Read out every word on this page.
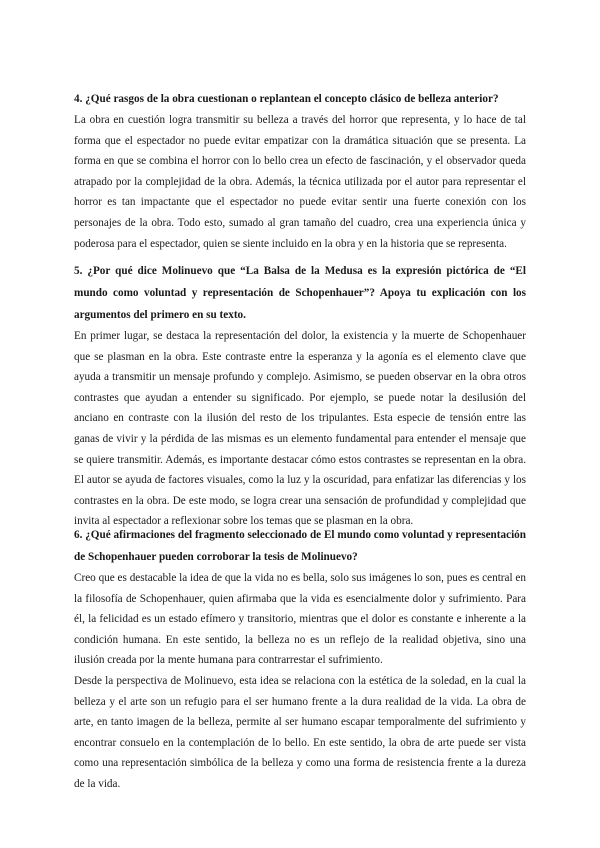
4. ¿Qué rasgos de la obra cuestionan o replantean el concepto clásico de belleza anterior?

La obra en cuestión logra transmitir su belleza a través del horror que representa, y lo hace de tal forma que el espectador no puede evitar empatizar con la dramática situación que se presenta. La forma en que se combina el horror con lo bello crea un efecto de fascinación, y el observador queda atrapado por la complejidad de la obra. Además, la técnica utilizada por el autor para representar el horror es tan impactante que el espectador no puede evitar sentir una fuerte conexión con los personajes de la obra. Todo esto, sumado al gran tamaño del cuadro, crea una experiencia única y poderosa para el espectador, quien se siente incluido en la obra y en la historia que se representa.

5. ¿Por qué dice Molinuevo que “La Balsa de la Medusa es la expresión pictórica de “El mundo como voluntad y representación de Schopenhauer”? Apoya tu explicación con los argumentos del primero en su texto.

En primer lugar, se destaca la representación del dolor, la existencia y la muerte de Schopenhauer que se plasman en la obra. Este contraste entre la esperanza y la agonía es el elemento clave que ayuda a transmitir un mensaje profundo y complejo. Asimismo, se pueden observar en la obra otros contrastes que ayudan a entender su significado. Por ejemplo, se puede notar la desilusión del anciano en contraste con la ilusión del resto de los tripulantes. Esta especie de tensión entre las ganas de vivir y la pérdida de las mismas es un elemento fundamental para entender el mensaje que se quiere transmitir. Además, es importante destacar cómo estos contrastes se representan en la obra. El autor se ayuda de factores visuales, como la luz y la oscuridad, para enfatizar las diferencias y los contrastes en la obra. De este modo, se logra crear una sensación de profundidad y complejidad que invita al espectador a reflexionar sobre los temas que se plasman en la obra.

6. ¿Qué afirmaciones del fragmento seleccionado de El mundo como voluntad y representación de Schopenhauer pueden corroborar la tesis de Molinuevo?

Creo que es destacable la idea de que la vida no es bella, solo sus imágenes lo son, pues es central en la filosofía de Schopenhauer, quien afirmaba que la vida es esencialmente dolor y sufrimiento. Para él, la felicidad es un estado efímero y transitorio, mientras que el dolor es constante e inherente a la condición humana. En este sentido, la belleza no es un reflejo de la realidad objetiva, sino una ilusión creada por la mente humana para contrarrestar el sufrimiento.

Desde la perspectiva de Molinuevo, esta idea se relaciona con la estética de la soledad, en la cual la belleza y el arte son un refugio para el ser humano frente a la dura realidad de la vida. La obra de arte, en tanto imagen de la belleza, permite al ser humano escapar temporalmente del sufrimiento y encontrar consuelo en la contemplación de lo bello. En este sentido, la obra de arte puede ser vista como una representación simbólica de la belleza y como una forma de resistencia frente a la dureza de la vida.
